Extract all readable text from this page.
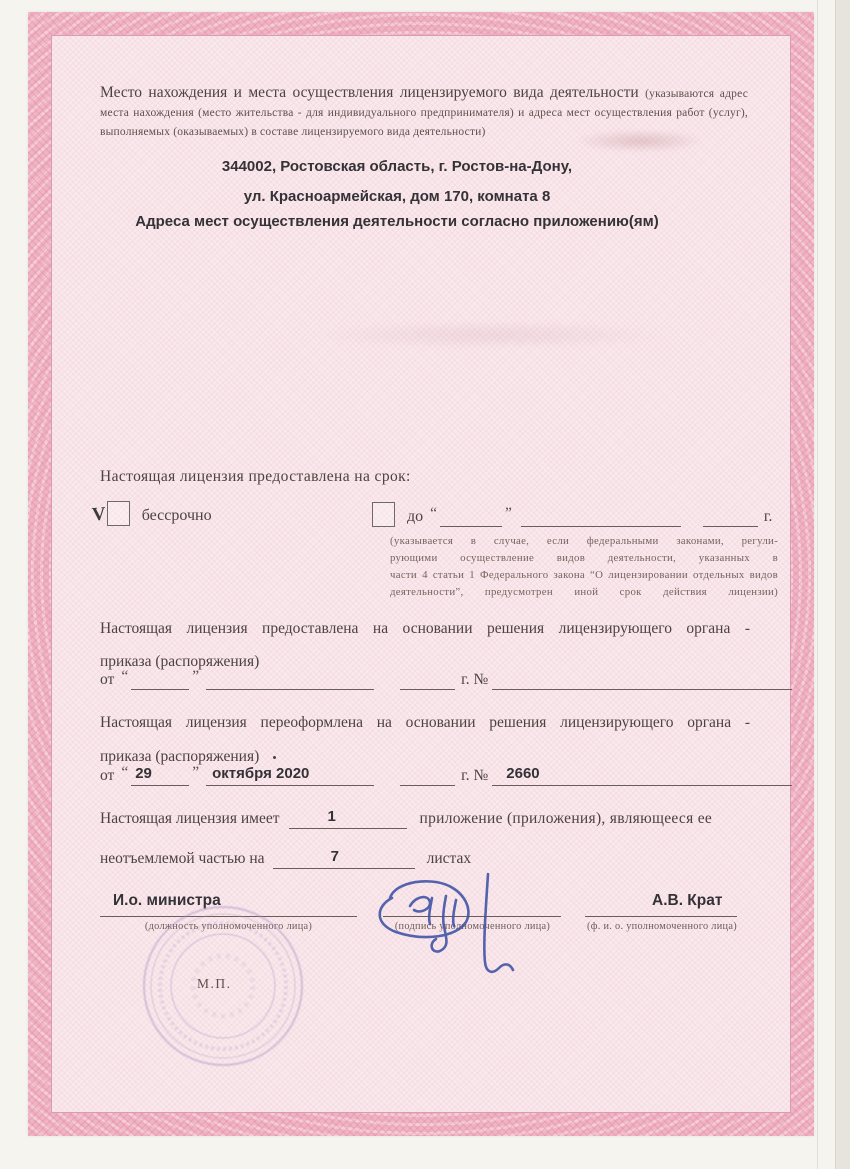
Место нахождения и места осуществления лицензируемого вида деятельности (указываются адрес места нахождения (место жительства - для индивидуального предпринимателя) и адреса мест осуществления работ (услуг), выполняемых (оказываемых) в составе лицензируемого вида деятельности)
344002, Ростовская область, г. Ростов-на-Дону,
ул. Красноармейская, дом 170, комната 8
Адреса мест осуществления деятельности согласно приложению(ям)
Настоящая лицензия предоставлена на срок:
V бессрочно	до “	”	г.
(указывается в случае, если федеральными законами, регули-
рующими осуществление видов деятельности, указанных в
части 4 статьи 1 Федерального закона “О лицензировании отдельных видов
деятельности”, предусмотрен иной срок действия лицензии)
Настоящая лицензия предоставлена на основании решения лицензирующего органа -
приказа (распоряжения)
от “	”	г. №
Настоящая лицензия переоформлена на основании решения лицензирующего органа -
приказа (распоряжения)
от “ 29	” октября 2020	г. № 2660
Настоящая лицензия имеет	1	приложение (приложения), являющееся ее
неотъемлемой частью на	7	листах
И.о. министра	А.В. Крат
(должность уполномоченного лица)	(подпись уполномоченного лица)	(ф. и. о. уполномоченного лица)
М.П.
